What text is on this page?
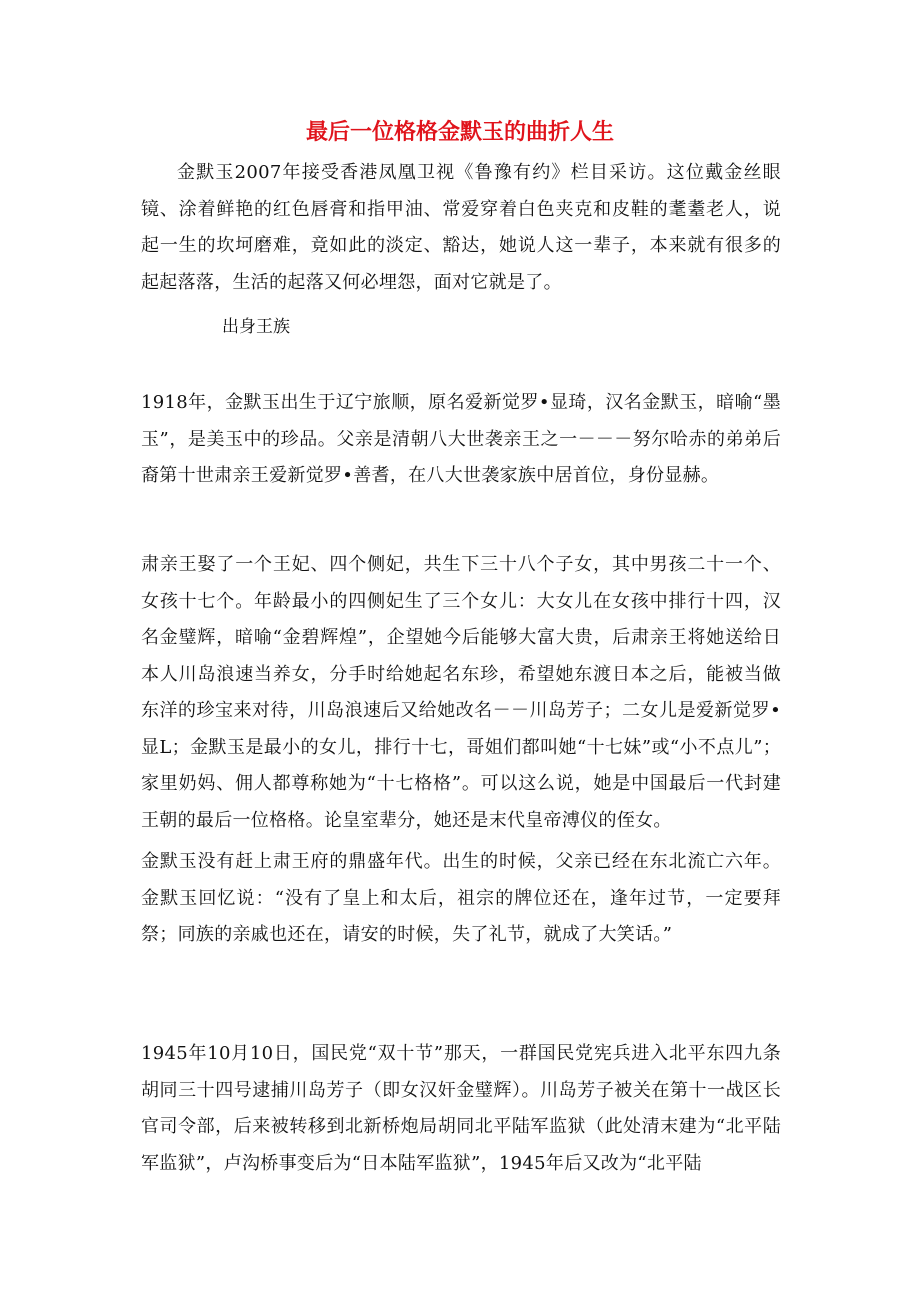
最后一位格格金默玉的曲折人生

金默玉2007年接受香港凤凰卫视《鲁豫有约》栏目采访。这位戴金丝眼镜、涂着鲜艳的红色唇膏和指甲油、常爱穿着白色夹克和皮鞋的耄耋老人，说起一生的坎坷磨难，竟如此的淡定、豁达，她说人这一辈子，本来就有很多的起起落落，生活的起落又何必埋怨，面对它就是了。

出身王族

1918年，金默玉出生于辽宁旅顺，原名爱新觉罗•显琦，汉名金默玉，暗喻“墨玉”，是美玉中的珍品。父亲是清朝八大世袭亲王之一－－－努尔哈赤的弟弟后裔第十世肃亲王爱新觉罗•善耆，在八大世袭家族中居首位，身份显赫。

肃亲王娶了一个王妃、四个侧妃，共生下三十八个子女，其中男孩二十一个、女孩十七个。年龄最小的四侧妃生了三个女儿：大女儿在女孩中排行十四，汉名金璧辉，暗喻“金碧辉煌”，企望她今后能够大富大贵，后肃亲王将她送给日本人川岛浪速当养女，分手时给她起名东珍，希望她东渡日本之后，能被当做东洋的珍宝来对待，川岛浪速后又给她改名－－川岛芳子；二女儿是爱新觉罗•显L；金默玉是最小的女儿，排行十七，哥姐们都叫她“十七妹”或“小不点儿”；家里奶妈、佣人都尊称她为“十七格格”。可以这么说，她是中国最后一代封建王朝的最后一位格格。论皇室辈分，她还是末代皇帝溥仪的侄女。

金默玉没有赶上肃王府的鼎盛年代。出生的时候，父亲已经在东北流亡六年。金默玉回忆说：“没有了皇上和太后，祖宗的牌位还在，逢年过节，一定要拜祭；同族的亲戚也还在，请安的时候，失了礼节，就成了大笑话。”

1945年10月10日，国民党“双十节”那天，一群国民党宪兵进入北平东四九条胡同三十四号逮捕川岛芳子（即女汉奸金璧辉）。川岛芳子被关在第十一战区长官司令部，后来被转移到北新桥炮局胡同北平陆军监狱（此处清末建为“北平陆军监狱”，卢沟桥事变后为“日本陆军监狱”，1945年后又改为“北平陆
